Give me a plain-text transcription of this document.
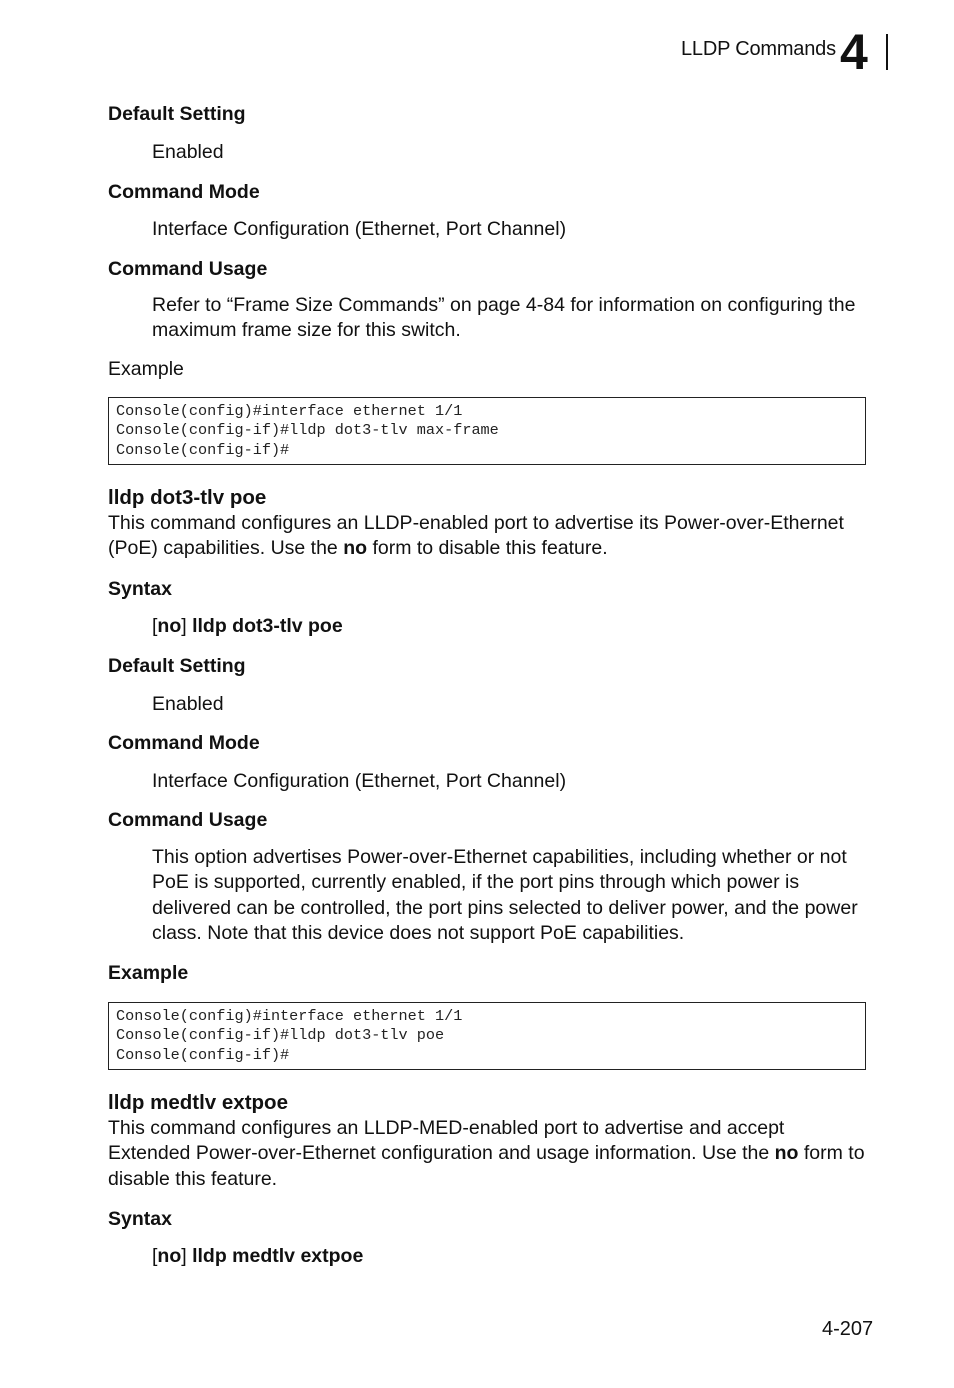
LLDP Commands 4
Default Setting
Enabled
Command Mode
Interface Configuration (Ethernet, Port Channel)
Command Usage
Refer to “Frame Size Commands” on page 4-84 for information on configuring the maximum frame size for this switch.
Example
Console(config)#interface ethernet 1/1
Console(config-if)#lldp dot3-tlv max-frame
Console(config-if)#
lldp dot3-tlv poe
This command configures an LLDP-enabled port to advertise its Power-over-Ethernet (PoE) capabilities. Use the no form to disable this feature.
Syntax
[no] lldp dot3-tlv poe
Default Setting
Enabled
Command Mode
Interface Configuration (Ethernet, Port Channel)
Command Usage
This option advertises Power-over-Ethernet capabilities, including whether or not PoE is supported, currently enabled, if the port pins through which power is delivered can be controlled, the port pins selected to deliver power, and the power class. Note that this device does not support PoE capabilities.
Example
Console(config)#interface ethernet 1/1
Console(config-if)#lldp dot3-tlv poe
Console(config-if)#
lldp medtlv extpoe
This command configures an LLDP-MED-enabled port to advertise and accept Extended Power-over-Ethernet configuration and usage information. Use the no form to disable this feature.
Syntax
[no] lldp medtlv extpoe
4-207
